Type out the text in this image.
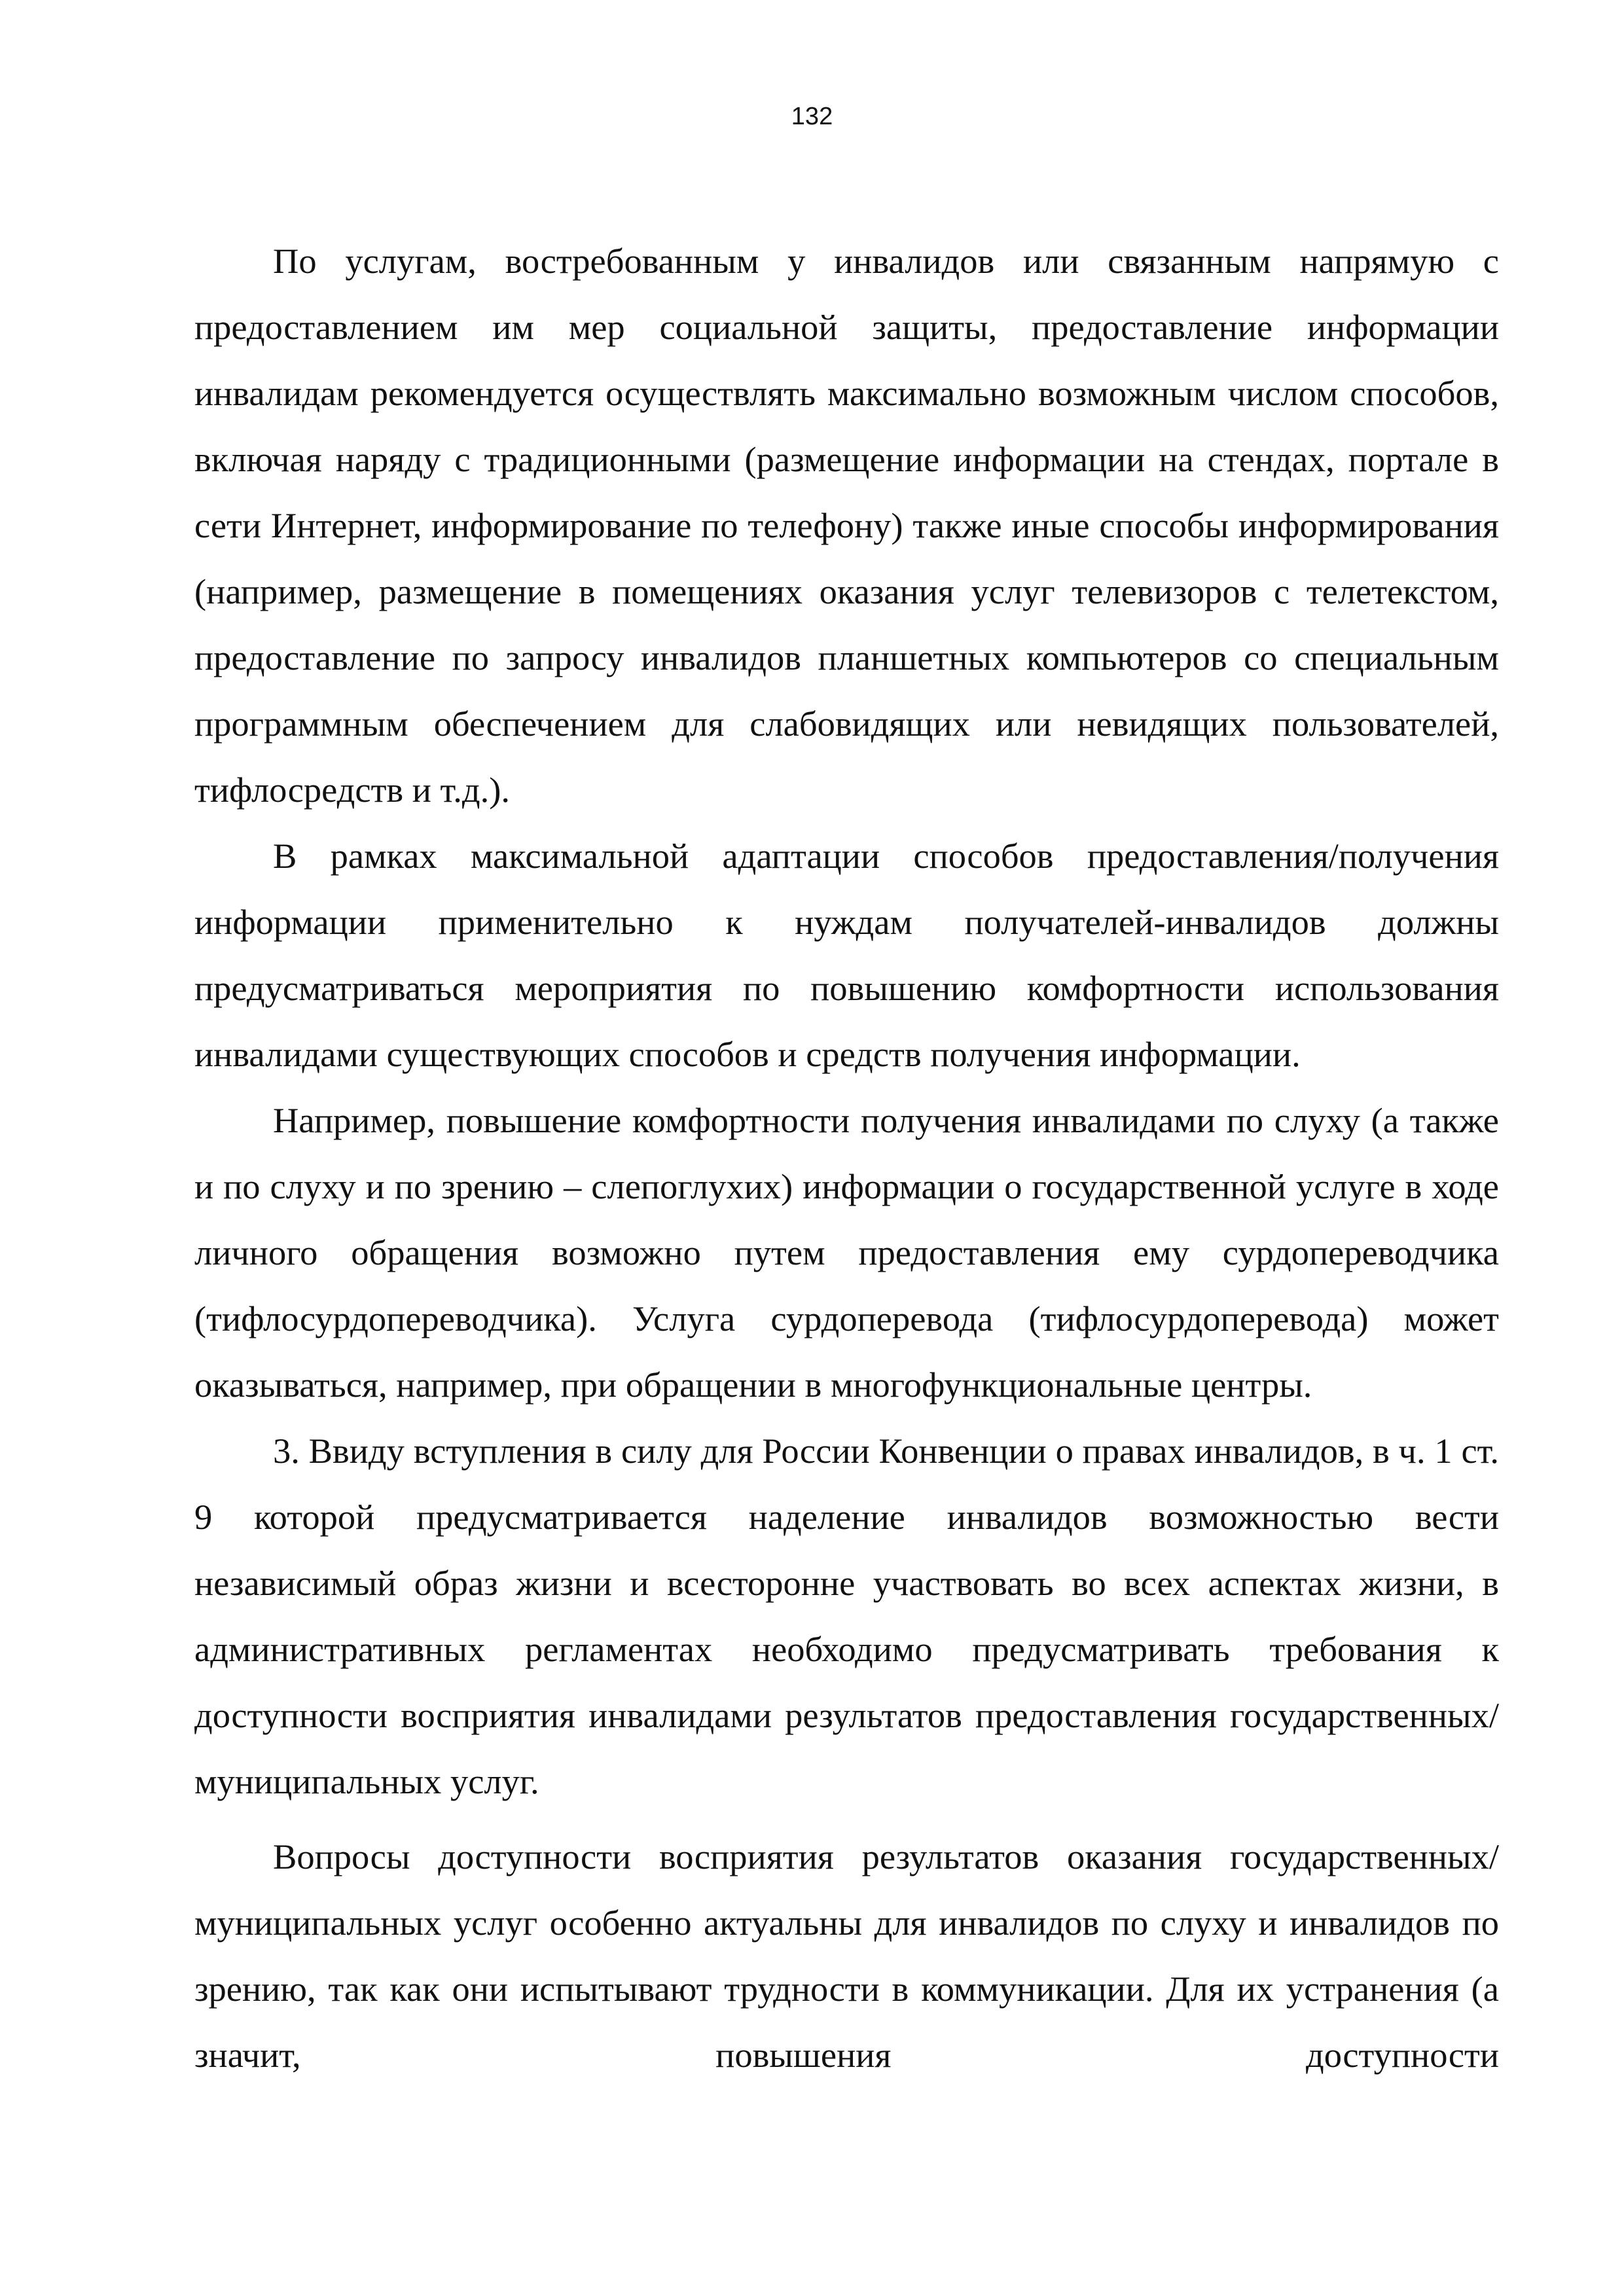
132

По услугам, востребованным у инвалидов или связанным напрямую с предоставлением им мер социальной защиты, предоставление информации инвалидам рекомендуется осуществлять максимально возможным числом способов, включая наряду с традиционными (размещение информации на стендах, портале в сети Интернет, информирование по телефону) также иные способы информирования (например, размещение в помещениях оказания услуг телевизоров с телетекстом, предоставление по запросу инвалидов планшетных компьютеров со специальным программным обеспечением для слабовидящих или невидящих пользователей, тифлосредств и т.д.).

В рамках максимальной адаптации способов предоставления/получения информации применительно к нуждам получателей-инвалидов должны предусматриваться мероприятия по повышению комфортности использования инвалидами существующих способов и средств получения информации.

Например, повышение комфортности получения инвалидами по слуху (а также и по слуху и по зрению – слепоглухих) информации о государственной услуге в ходе личного обращения возможно путем предоставления ему сурдопереводчика (тифлосурдопереводчика). Услуга сурдоперевода (тифлосурдоперевода) может оказываться, например, при обращении в многофункциональные центры.

3. Ввиду вступления в силу для России Конвенции о правах инвалидов, в ч. 1 ст. 9 которой предусматривается наделение инвалидов возможностью вести независимый образ жизни и всесторонне участвовать во всех аспектах жизни, в административных регламентах необходимо предусматривать требования к доступности восприятия инвалидами результатов предоставления государственных/муниципальных услуг.

Вопросы доступности восприятия результатов оказания государственных/ муниципальных услуг особенно актуальны для инвалидов по слуху и инвалидов по зрению, так как они испытывают трудности в коммуникации. Для их устранения (а значит, повышения доступности
